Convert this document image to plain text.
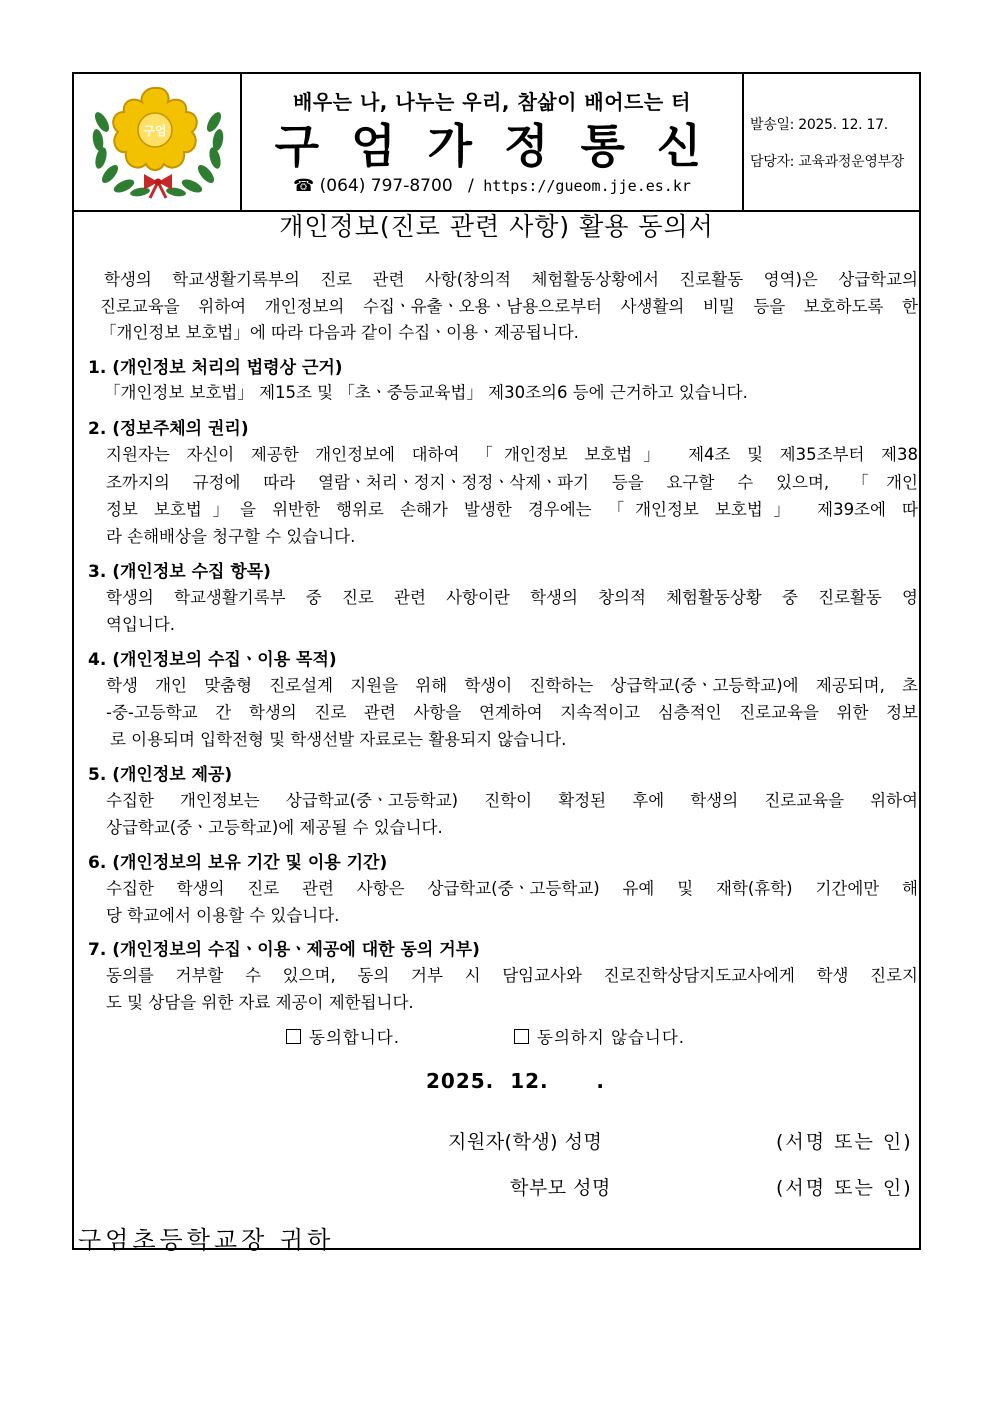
구엄
배우는 나, 나누는 우리, 참삶이 배어드는 터
구 엄 가 정 통 신
☎ (064) 797-8700 / https://gueom.jje.es.kr
발송일: 2025. 12. 17.
담당자: 교육과정운영부장
개인정보(진로 관련 사항) 활용 동의서
학생의 학교생활기록부의 진로 관련 사항(창의적 체험활동상황에서 진로활동 영역)은 상급학교의
진로교육을 위하여 개인정보의 수집ㆍ유출ㆍ오용ㆍ남용으로부터 사생활의 비밀 등을 보호하도록 한
「개인정보 보호법」에 따라 다음과 같이 수집ㆍ이용ㆍ제공됩니다.
1. (개인정보 처리의 법령상 근거)
「개인정보 보호법」 제15조 및 「초ㆍ중등교육법」 제30조의6 등에 근거하고 있습니다.
2. (정보주체의 권리)
지원자는 자신이 제공한 개인정보에 대하여 「개인정보 보호법」 제4조 및 제35조부터 제38
조까지의 규정에 따라 열람ㆍ처리ㆍ정지ㆍ정정ㆍ삭제ㆍ파기 등을 요구할 수 있으며, 「개인
정보 보호법」을 위반한 행위로 손해가 발생한 경우에는 「개인정보 보호법」 제39조에 따
라 손해배상을 청구할 수 있습니다.
3. (개인정보 수집 항목)
학생의 학교생활기록부 중 진로 관련 사항이란 학생의 창의적 체험활동상황 중 진로활동 영
역입니다.
4. (개인정보의 수집ㆍ이용 목적)
학생 개인 맞춤형 진로설계 지원을 위해 학생이 진학하는 상급학교(중ㆍ고등학교)에 제공되며, 초
-중-고등학교 간 학생의 진로 관련 사항을 연계하여 지속적이고 심층적인 진로교육을 위한 정보
로 이용되며 입학전형 및 학생선발 자료로는 활용되지 않습니다.
5. (개인정보 제공)
수집한 개인정보는 상급학교(중ㆍ고등학교) 진학이 확정된 후에 학생의 진로교육을 위하여
상급학교(중ㆍ고등학교)에 제공될 수 있습니다.
6. (개인정보의 보유 기간 및 이용 기간)
수집한 학생의 진로 관련 사항은 상급학교(중ㆍ고등학교) 유예 및 재학(휴학) 기간에만 해
당 학교에서 이용할 수 있습니다.
7. (개인정보의 수집ㆍ이용ㆍ제공에 대한 동의 거부)
동의를 거부할 수 있으며, 동의 거부 시 담임교사와 진로진학상담지도교사에게 학생 진로지
도 및 상담을 위한 자료 제공이 제한됩니다.
동의합니다.	동의하지 않습니다.
2025.  12.      .
지원자(학생) 성명	(서명 또는 인)
학부모 성명	(서명 또는 인)
구엄초등학교장 귀하
